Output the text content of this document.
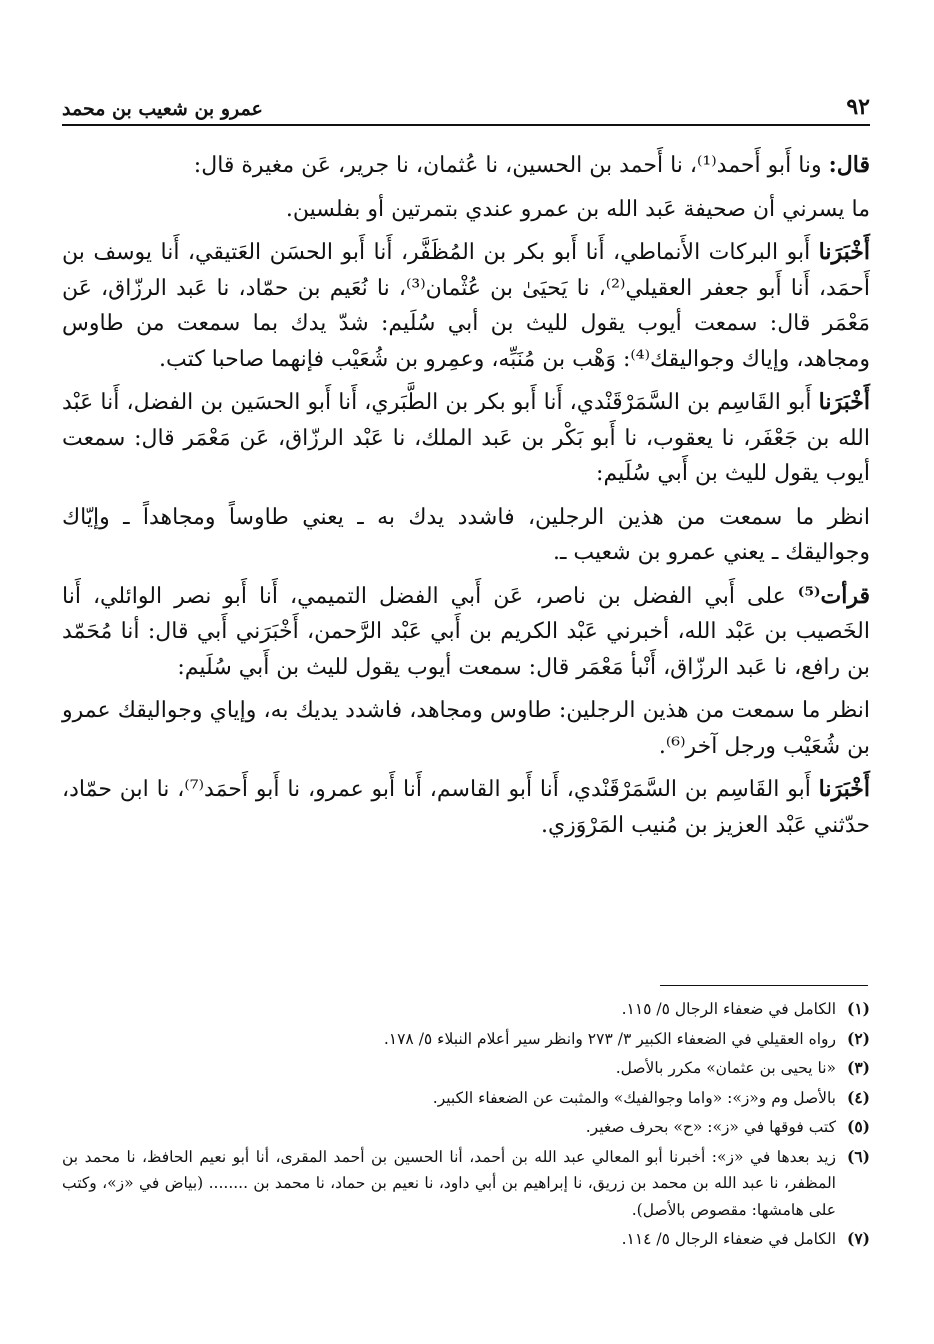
٩٢
عمرو بن شعيب بن محمد

قال: ونا أَبو أَحمد⁽¹⁾، نا أَحمد بن الحسين، نا عُثمان، نا جرير، عَن مغيرة قال:

ما يسرني أن صحيفة عَبد الله بن عمرو عندي بتمرتين أو بفلسين.

أَخْبَرَنا أَبو البركات الأَنماطي، أَنا أَبو بكر بن المُظَفَّر، أَنا أَبو الحسَن العَتيقي، أَنا يوسف بن أَحمَد، أَنا أَبو جعفر العقيلي⁽²⁾، نا يَحيَىٰ بن عُثْمان⁽³⁾، نا نُعَيم بن حمّاد، نا عَبد الرزّاق، عَن مَعْمَر قال: سمعت أيوب يقول لليث بن أبي سُلَيم: شدّ يدك بما سمعت من طاوس ومجاهد، وإياك وجواليقك⁽⁴⁾: وَهْب بن مُنَبِّه، وعمِرو بن شُعَيْب فإنهما صاحبا كتب.

أَخْبَرَنا أَبو القَاسِم بن السَّمَرْقَنْدي، أَنا أَبو بكر بن الطَّبَري، أَنا أَبو الحسَين بن الفضل، أَنا عَبْد الله بن جَعْفَر، نا يعقوب، نا أَبو بَكْر بن عَبد الملك، نا عَبْد الرزّاق، عَن مَعْمَر قال: سمعت أيوب يقول لليث بن أَبي سُلَيم:

انظر ما سمعت من هذين الرجلين، فاشدد يدك به ـ يعني طاوساً ومجاهداً ـ وإيّاك وجواليقك ـ يعني عمرو بن شعيب ـ.

قرأت⁽⁵⁾ على أَبي الفضل بن ناصر، عَن أَبي الفضل التميمي، أَنا أَبو نصر الوائلي، أَنا الخَصيب بن عَبْد الله، أخبرني عَبْد الكريم بن أَبي عَبْد الرَّحمن، أَخْبَرَني أَبي قال: أنا مُحَمّد بن رافع، نا عَبد الرزّاق، أَنْبأ مَعْمَر قال: سمعت أيوب يقول لليث بن أَبي سُلَيم:

انظر ما سمعت من هذين الرجلين: طاوس ومجاهد، فاشدد يديك به، وإياي وجواليقك عمرو بن شُعَيْب ورجل آخر⁽⁶⁾.

أَخْبَرَنا أَبو القَاسِم بن السَّمَرْقَنْدي، أَنا أَبو القاسم، أَنا أَبو عمرو، نا أَبو أَحمَد⁽⁷⁾، نا ابن حمّاد، حدّثني عَبْد العزيز بن مُنيب المَرْوَزي.

(١)
الكامل في ضعفاء الرجال ٥/ ١١٥.
(٢)
رواه العقيلي في الضعفاء الكبير ٣/ ٢٧٣ وانظر سير أعلام النبلاء ٥/ ١٧٨.
(٣)
«نا يحيى بن عثمان» مكرر بالأصل.
(٤)
بالأصل وم و«ز»: «واما وجوالفيك» والمثبت عن الضعفاء الكبير.
(٥)
كتب فوقها في «ز»: «ح» بحرف صغير.
(٦)
زيد بعدها في «ز»: أخبرنا أبو المعالي عبد الله بن أحمد، أنا الحسين بن أحمد المقرى، أنا أبو نعيم الحافظ، نا محمد بن المظفر، نا عبد الله بن محمد بن زريق، نا إبراهيم بن أبي داود، نا نعيم بن حماد، نا محمد بن ........ (بياض في «ز»، وكتب على هامشها: مقصوص بالأصل).
(٧)
الكامل في ضعفاء الرجال ٥/ ١١٤.
